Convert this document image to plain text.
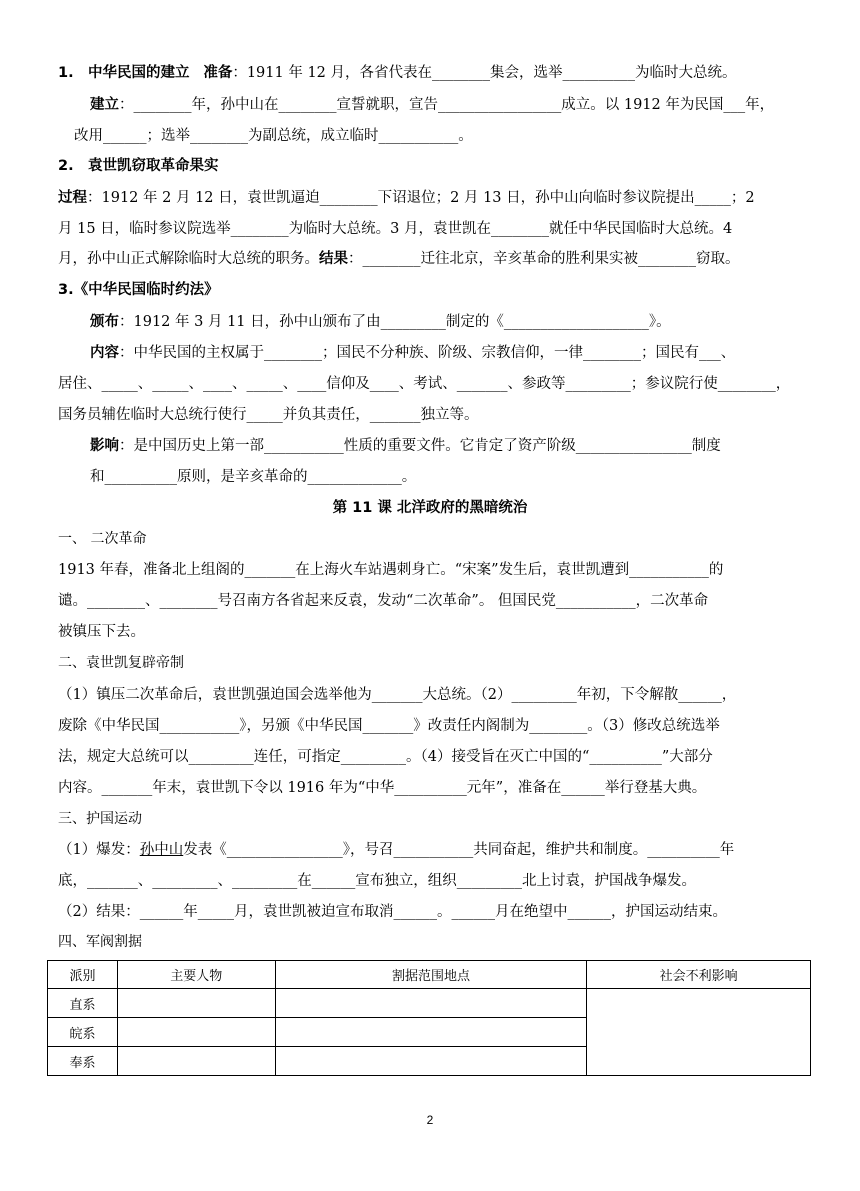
1. 中华民国的建立 准备：1911 年 12 月，各省代表在________集会，选举__________为临时大总统。
建立：________年，孙中山在________宣誓就职，宣告_________________成立。以 1912 年为民国___年，
改用______；选举________为副总统，成立临时___________。
2. 袁世凯窃取革命果实
过程：1912 年 2 月 12 日，袁世凯逼迫________下诏退位；2 月 13 日，孙中山向临时参议院提出_____；2
月 15 日，临时参议院选举________为临时大总统。3 月，袁世凯在________就任中华民国临时大总统。4
月，孙中山正式解除临时大总统的职务。结果：________迁往北京，辛亥革命的胜利果实被________窃取。
3.《中华民国临时约法》
颁布：1912 年 3 月 11 日，孙中山颁布了由_________制定的《____________________》。
内容：中华民国的主权属于________；国民不分种族、阶级、宗教信仰，一律________；国民有___、
居住、_____、_____、____、_____、____信仰及____、考试、_______、参政等_________；参议院行使________，
国务员辅佐临时大总统行使行_____并负其责任，_______独立等。
影响：是中国历史上第一部___________性质的重要文件。它肯定了资产阶级________________制度
和__________原则，是辛亥革命的_____________。
第 11 课 北洋政府的黑暗统治
一、 二次革命
1913 年春，准备北上组阁的_______在上海火车站遇刺身亡。“宋案”发生后，袁世凯遭到___________的
谴。________、________号召南方各省起来反袁，发动“二次革命”。 但国民党___________，二次革命
被镇压下去。
二、袁世凯复辟帝制
（1）镇压二次革命后，袁世凯强迫国会选举他为_______大总统。（2）_________年初，下令解散______，
废除《中华民国___________》，另颁《中华民国_______》改责任内阁制为________。（3）修改总统选举
法，规定大总统可以_________连任，可指定_________。（4）接受旨在灭亡中国的“__________”大部分
内容。_______年末，袁世凯下令以 1916 年为“中华__________元年”，准备在______举行登基大典。
三、护国运动
（1）爆发：孙中山发表《________________》，号召___________共同奋起，维护共和制度。__________年
底，_______、_________、_________在______宣布独立，组织_________北上讨袁，护国战争爆发。
（2）结果：______年_____月，袁世凯被迫宣布取消______。______月在绝望中______，护国运动结束。
四、军阀割据
派别	主要人物	割据范围地点	社会不利影响
直系			
皖系			
奉系			
2
